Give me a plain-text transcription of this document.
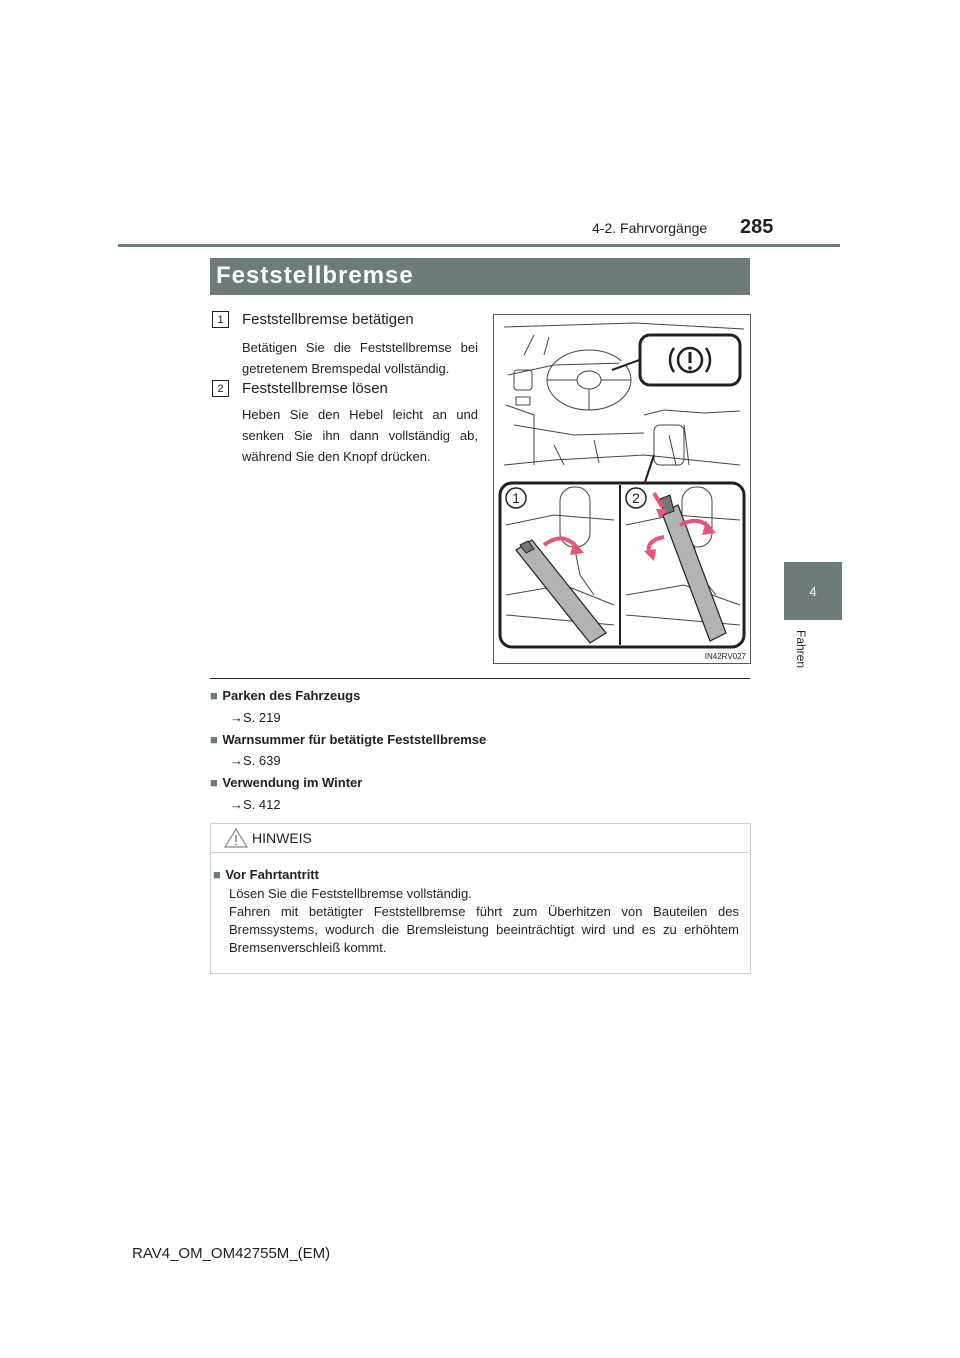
285
4-2. Fahrvorgänge
4
Fahren
Feststellbremse
1	Feststellbremse betätigen
Betätigen Sie die Feststellbremse bei getretenem Bremspedal vollständig.
2	Feststellbremse lösen
Heben Sie den Hebel leicht an und senken Sie ihn dann vollständig ab, während Sie den Knopf drücken.
1	2
IN42RV027
■ Parken des Fahrzeugs
→S. 219
■ Warnsummer für betätigte Feststellbremse
→S. 639
■ Verwendung im Winter
→S. 412
HINWEIS
■ Vor Fahrtantritt
Lösen Sie die Feststellbremse vollständig.
Fahren mit betätigter Feststellbremse führt zum Überhitzen von Bauteilen des Bremssystems, wodurch die Bremsleistung beeinträchtigt wird und es zu erhöhtem Bremsenverschleiß kommt.
RAV4_OM_OM42755M_(EM)
